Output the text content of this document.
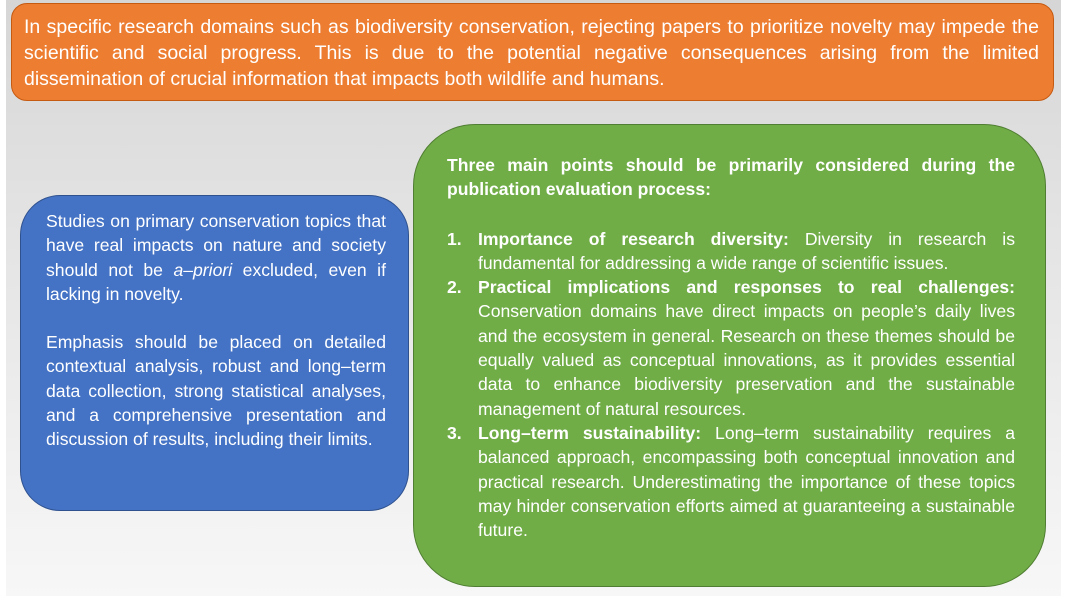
In specific research domains such as biodiversity conservation, rejecting papers to prioritize novelty may impede the scientific and social progress. This is due to the potential negative consequences arising from the limited dissemination of crucial information that impacts both wildlife and humans.

Studies on primary conservation topics that have real impacts on nature and society should not be a–priori excluded, even if lacking in novelty.

Emphasis should be placed on detailed contextual analysis, robust and long–term data collection, strong statistical analyses, and a comprehensive presentation and discussion of results, including their limits.

Three main points should be primarily considered during the publication evaluation process:

1. Importance of research diversity: Diversity in research is fundamental for addressing a wide range of scientific issues.
2. Practical implications and responses to real challenges: Conservation domains have direct impacts on people’s daily lives and the ecosystem in general. Research on these themes should be equally valued as conceptual innovations, as it provides essential data to enhance biodiversity preservation and the sustainable management of natural resources.
3. Long–term sustainability: Long–term sustainability requires a balanced approach, encompassing both conceptual innovation and practical research. Underestimating the importance of these topics may hinder conservation efforts aimed at guaranteeing a sustainable future.
